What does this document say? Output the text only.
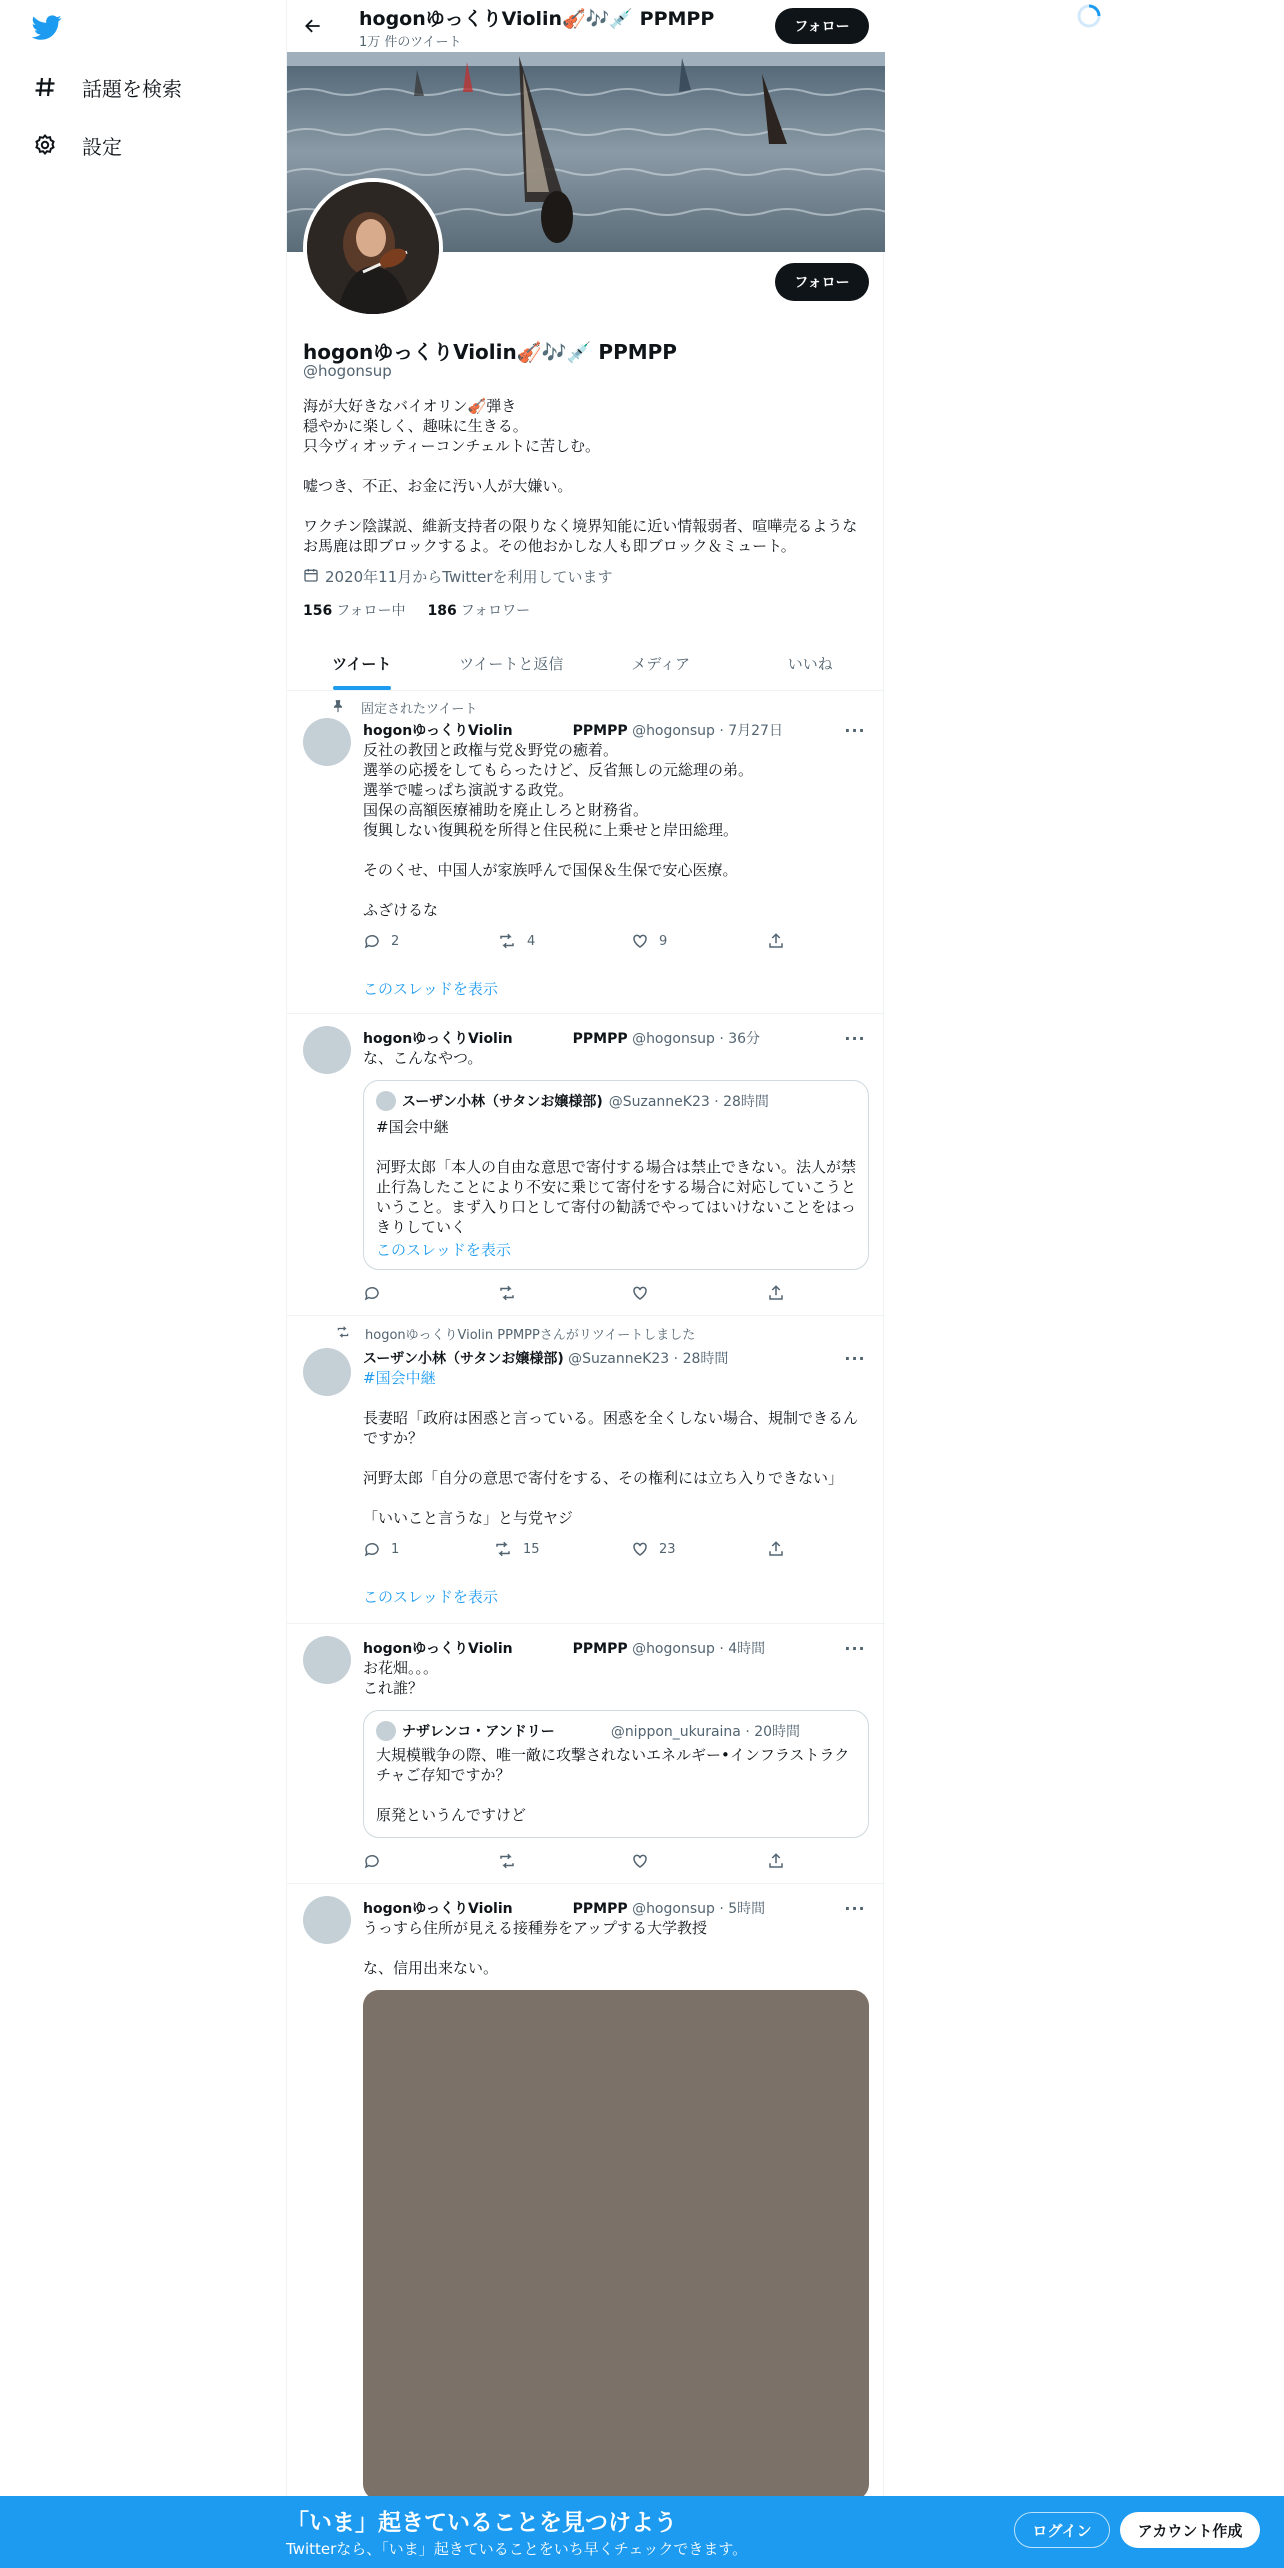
話題を検索
設定
hogonゆっくりViolin🎻🎶💉 PPMPP
1万 件のツイート
フォロー
フォロー
hogonゆっくりViolin🎻🎶💉 PPMPP
@hogonsup
海が大好きなバイオリン🎻弾き
穏やかに楽しく、趣味に生きる。
只今ヴィオッティーコンチェルトに苦しむ。
嘘つき、不正、お金に汚い人が大嫌い。
ワクチン陰謀説、維新支持者の限りなく境界知能に近い情報弱者、喧嘩売るような
お馬鹿は即ブロックするよ。その他おかしな人も即ブロック＆ミュート。
2020年11月からTwitterを利用しています
156 フォロー中 186 フォロワー
ツイート	ツイートと返信	メディア	いいね
固定されたツイート
hogonゆっくりViolin	PPMPP @hogonsup · 7月27日	···
反社の教団と政権与党＆野党の癒着。
選挙の応援をしてもらったけど、反省無しの元総理の弟。
選挙で嘘っぱち演説する政党。
国保の高額医療補助を廃止しろと財務省。
復興しない復興税を所得と住民税に上乗せと岸田総理。
そのくせ、中国人が家族呼んで国保＆生保で安心医療。
ふざけるな
2	4	9
このスレッドを表示
hogonゆっくりViolin	PPMPP @hogonsup · 36分	···
な、こんなやつ。
スーザン小林（サタンお嬢様部) @SuzanneK23 · 28時間
#国会中継
河野太郎「本人の自由な意思で寄付する場合は禁止できない。法人が禁
止行為したことにより不安に乗じて寄付をする場合に対応していこうと
いうこと。まず入り口として寄付の勧誘でやってはいけないことをはっ
きりしていく
このスレッドを表示
hogonゆっくりViolin PPMPPさんがリツイートしました
スーザン小林（サタンお嬢様部) @SuzanneK23 · 28時間	···
#国会中継
長妻昭「政府は困惑と言っている。困惑を全くしない場合、規制できるん
ですか？
河野太郎「自分の意思で寄付をする、その権利には立ち入りできない」
「いいこと言うな」と与党ヤジ
1	15	23
このスレッドを表示
hogonゆっくりViolin	PPMPP @hogonsup · 4時間	···
お花畑。。。
これ誰？
ナザレンコ・アンドリー	@nippon_ukuraina · 20時間
大規模戦争の際、唯一敵に攻撃されないエネルギー•インフラストラク
チャご存知ですか？
原発というんですけど
hogonゆっくりViolin	PPMPP @hogonsup · 5時間	···
うっすら住所が見える接種券をアップする大学教授
な、信用出来ない。
「いま」起きていることを見つけよう
Twitterなら、「いま」起きていることをいち早くチェックできます。
ログイン	アカウント作成
